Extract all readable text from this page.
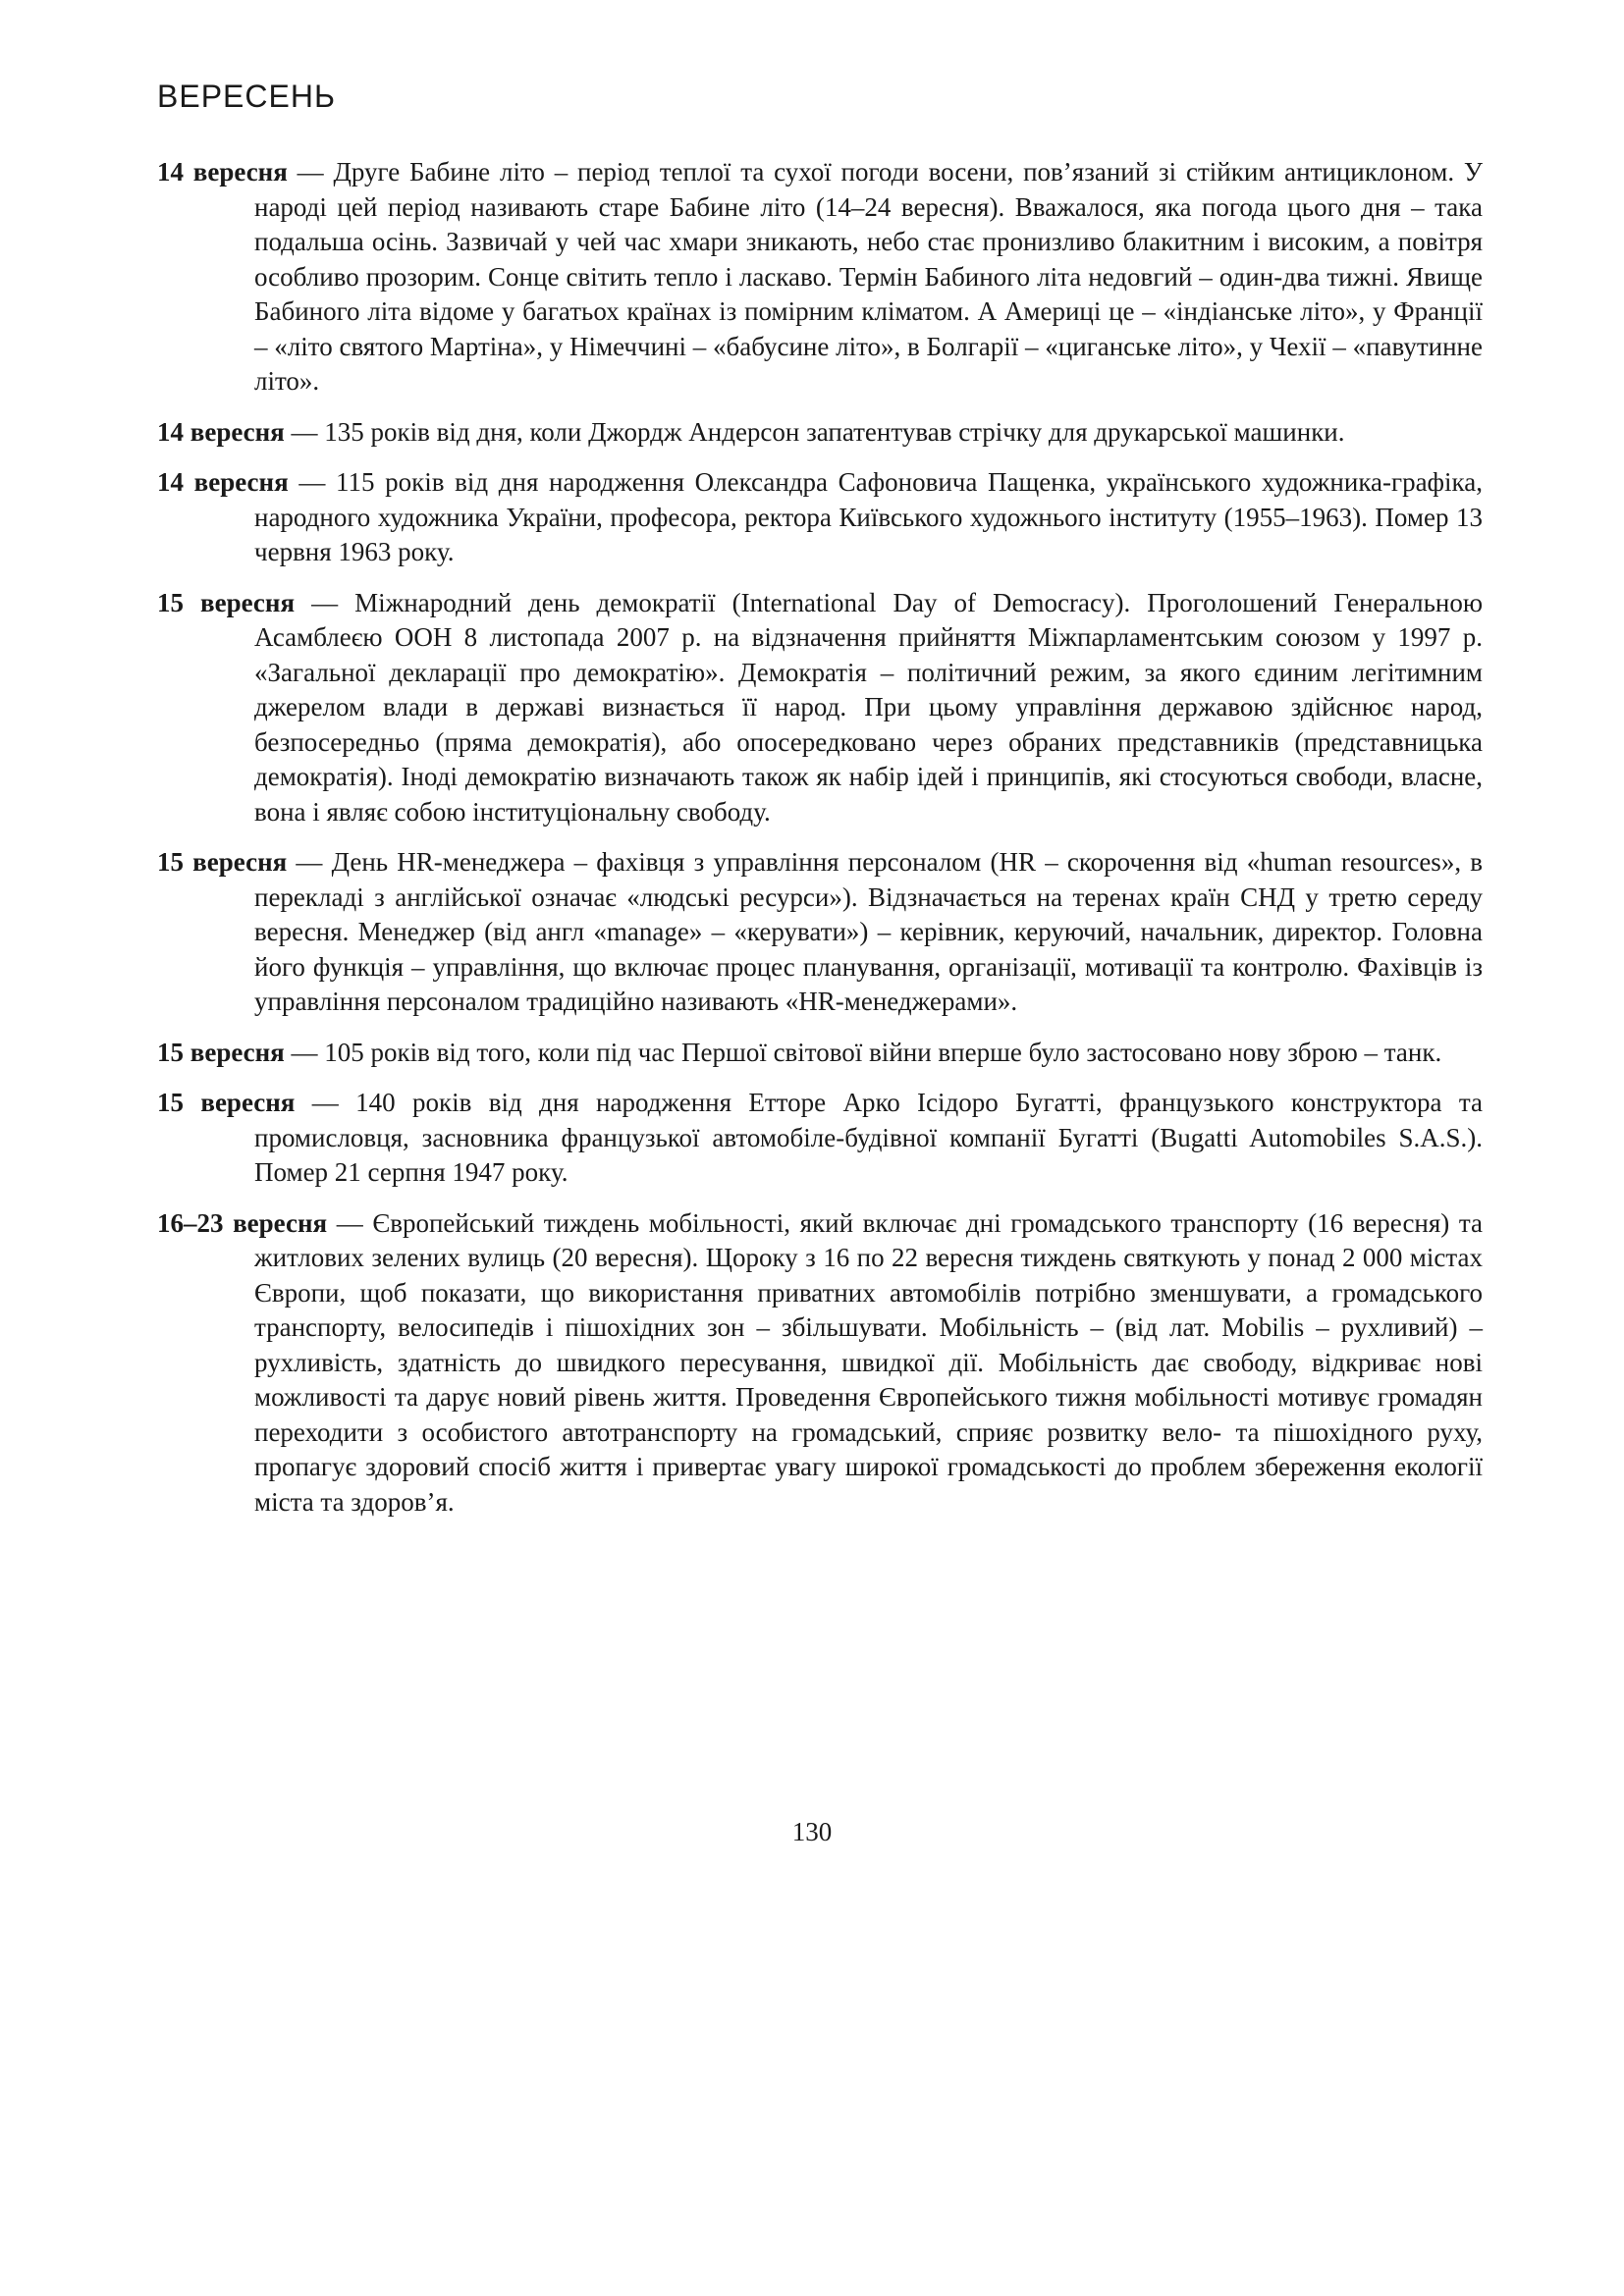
ВЕРЕСЕНЬ

14 вересня — Друге Бабине літо – період теплої та сухої погоди восени, пов’язаний зі стійким антициклоном. У народі цей період називають старе Бабине літо (14–24 вересня). Вважалося, яка погода цього дня – така подальша осінь. Зазвичай у чей час хмари зникають, небо стає пронизливо блакитним і високим, а повітря особливо прозорим. Сонце світить тепло і ласкаво. Термін Бабиного літа недовгий – один-два тижні. Явище Бабиного літа відоме у багатьох країнах із помірним кліматом. А Америці це – «індіанське літо», у Франції – «літо святого Мартіна», у Німеччині – «бабусине літо», в Болгарії – «циганське літо», у Чехії – «павутинне літо».

14 вересня — 135 років від дня, коли Джордж Андерсон запатентував стрічку для друкарської машинки.

14 вересня — 115 років від дня народження Олександра Сафоновича Пащенка, українського художника-графіка, народного художника України, професора, ректора Київського художнього інституту (1955–1963). Помер 13 червня 1963 року.

15 вересня — Міжнародний день демократії (International Day of Democracy). Проголошений Генеральною Асамблеєю ООН 8 листопада 2007 р. на відзначення прийняття Міжпарламентським союзом у 1997 р. «Загальної декларації про демократію». Демократія – політичний режим, за якого єдиним легітимним джерелом влади в державі визнається її народ. При цьому управління державою здійснює народ, безпосередньо (пряма демократія), або опосередковано через обраних представників (представницька демократія). Іноді демократію визначають також як набір ідей і принципів, які стосуються свободи, власне, вона і являє собою інституціональну свободу.

15 вересня — День HR-менеджера – фахівця з управління персоналом (HR – скорочення від «human resources», в перекладі з англійської означає «людські ресурси»). Відзначається на теренах країн СНД у третю середу вересня. Менеджер (від англ «manage» – «керувати») – керівник, керуючий, начальник, директор. Головна його функція – управління, що включає процес планування, організації, мотивації та контролю. Фахівців із управління персоналом традиційно називають «HR-менеджерами».

15 вересня — 105 років від того, коли під час Першої світової війни вперше було застосовано нову зброю – танк.

15 вересня — 140 років від дня народження Етторе Арко Ісідоро Бугатті, французького конструктора та промисловця, засновника французької автомобіле-будівної компанії Бугатті (Bugatti Automobiles S.A.S.). Помер 21 серпня 1947 року.

16–23 вересня — Європейський тиждень мобільності, який включає дні громадського транспорту (16 вересня) та житлових зелених вулиць (20 вересня). Щороку з 16 по 22 вересня тиждень святкують у понад 2 000 містах Європи, щоб показати, що використання приватних автомобілів потрібно зменшувати, а громадського транспорту, велосипедів і пішохідних зон – збільшувати. Мобільність – (від лат. Mobilis – рухливий) – рухливість, здатність до швидкого пересування, швидкої дії. Мобільність дає свободу, відкриває нові можливості та дарує новий рівень життя. Проведення Європейського тижня мобільності мотивує громадян переходити з особистого автотранспорту на громадський, сприяє розвитку вело- та пішохідного руху, пропагує здоровий спосіб життя і привертає увагу широкої громадськості до проблем збереження екології міста та здоров’я.

130
